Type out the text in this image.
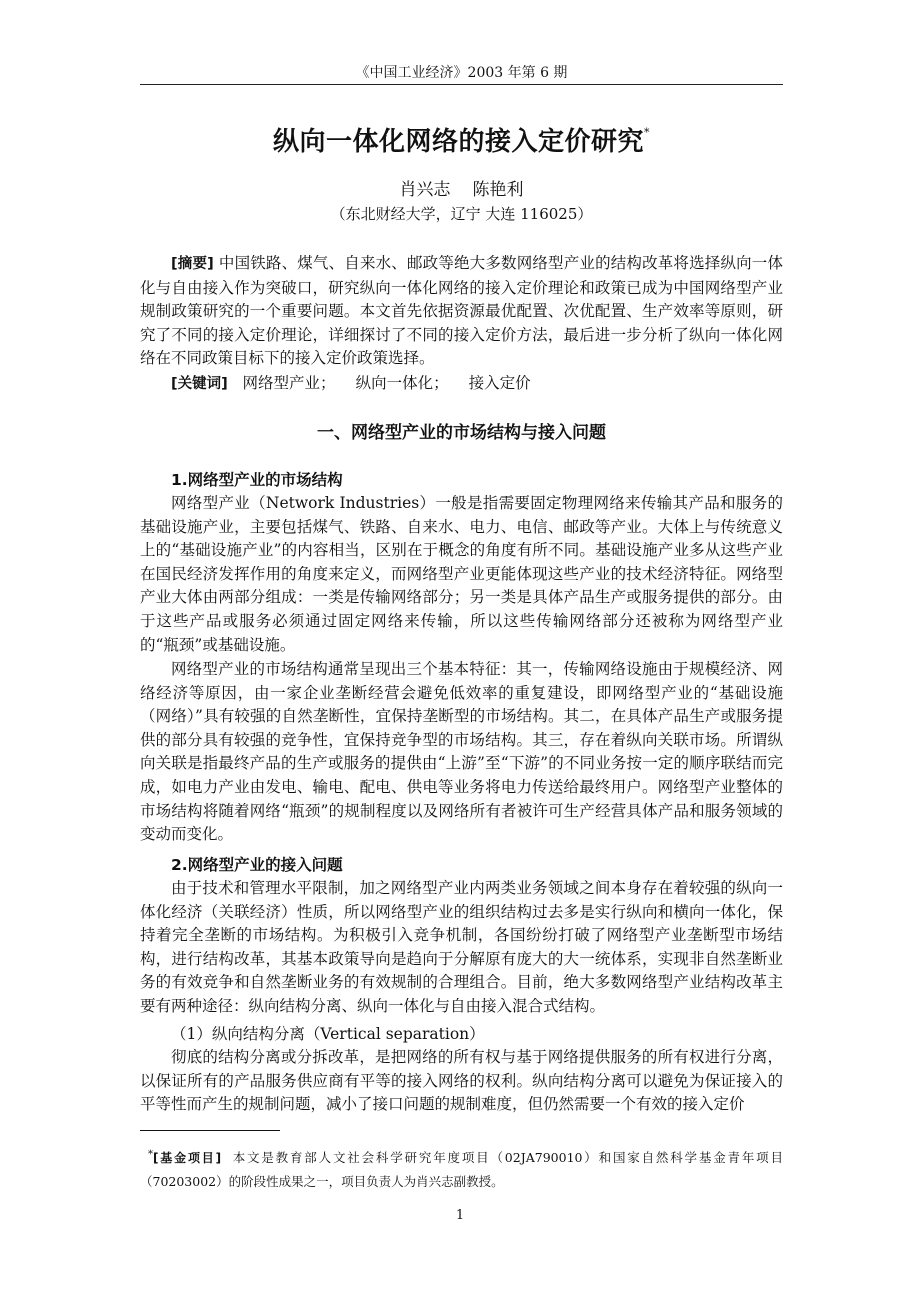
《中国工业经济》2003 年第 6 期
纵向一体化网络的接入定价研究*
肖兴志 陈艳利
（东北财经大学，辽宁 大连 116025）
[摘要] 中国铁路、煤气、自来水、邮政等绝大多数网络型产业的结构改革将选择纵向一体化与自由接入作为突破口，研究纵向一体化网络的接入定价理论和政策已成为中国网络型产业规制政策研究的一个重要问题。本文首先依据资源最优配置、次优配置、生产效率等原则，研究了不同的接入定价理论，详细探讨了不同的接入定价方法，最后进一步分析了纵向一体化网络在不同政策目标下的接入定价政策选择。
[关键词] 网络型产业； 纵向一体化； 接入定价
一、网络型产业的市场结构与接入问题
1.网络型产业的市场结构
网络型产业（Network Industries）一般是指需要固定物理网络来传输其产品和服务的基础设施产业，主要包括煤气、铁路、自来水、电力、电信、邮政等产业。大体上与传统意义上的“基础设施产业”的内容相当，区别在于概念的角度有所不同。基础设施产业多从这些产业在国民经济发挥作用的角度来定义，而网络型产业更能体现这些产业的技术经济特征。网络型产业大体由两部分组成：一类是传输网络部分；另一类是具体产品生产或服务提供的部分。由于这些产品或服务必须通过固定网络来传输，所以这些传输网络部分还被称为网络型产业的“瓶颈”或基础设施。
网络型产业的市场结构通常呈现出三个基本特征：其一，传输网络设施由于规模经济、网络经济等原因，由一家企业垄断经营会避免低效率的重复建设，即网络型产业的“基础设施（网络）”具有较强的自然垄断性，宜保持垄断型的市场结构。其二，在具体产品生产或服务提供的部分具有较强的竞争性，宜保持竞争型的市场结构。其三，存在着纵向关联市场。所谓纵向关联是指最终产品的生产或服务的提供由“上游”至“下游”的不同业务按一定的顺序联结而完成，如电力产业由发电、输电、配电、供电等业务将电力传送给最终用户。网络型产业整体的市场结构将随着网络“瓶颈”的规制程度以及网络所有者被许可生产经营具体产品和服务领域的变动而变化。
2.网络型产业的接入问题
由于技术和管理水平限制，加之网络型产业内两类业务领域之间本身存在着较强的纵向一体化经济（关联经济）性质，所以网络型产业的组织结构过去多是实行纵向和横向一体化，保持着完全垄断的市场结构。为积极引入竞争机制，各国纷纷打破了网络型产业垄断型市场结构，进行结构改革，其基本政策导向是趋向于分解原有庞大的大一统体系，实现非自然垄断业务的有效竞争和自然垄断业务的有效规制的合理组合。目前，绝大多数网络型产业结构改革主要有两种途径：纵向结构分离、纵向一体化与自由接入混合式结构。
（1）纵向结构分离（Vertical separation）
彻底的结构分离或分拆改革，是把网络的所有权与基于网络提供服务的所有权进行分离，以保证所有的产品服务供应商有平等的接入网络的权利。纵向结构分离可以避免为保证接入的平等性而产生的规制问题，减小了接口问题的规制难度，但仍然需要一个有效的接入定价
*[基金项目] 本文是教育部人文社会科学研究年度项目（02JA790010）和国家自然科学基金青年项目（70203002）的阶段性成果之一，项目负责人为肖兴志副教授。
1
